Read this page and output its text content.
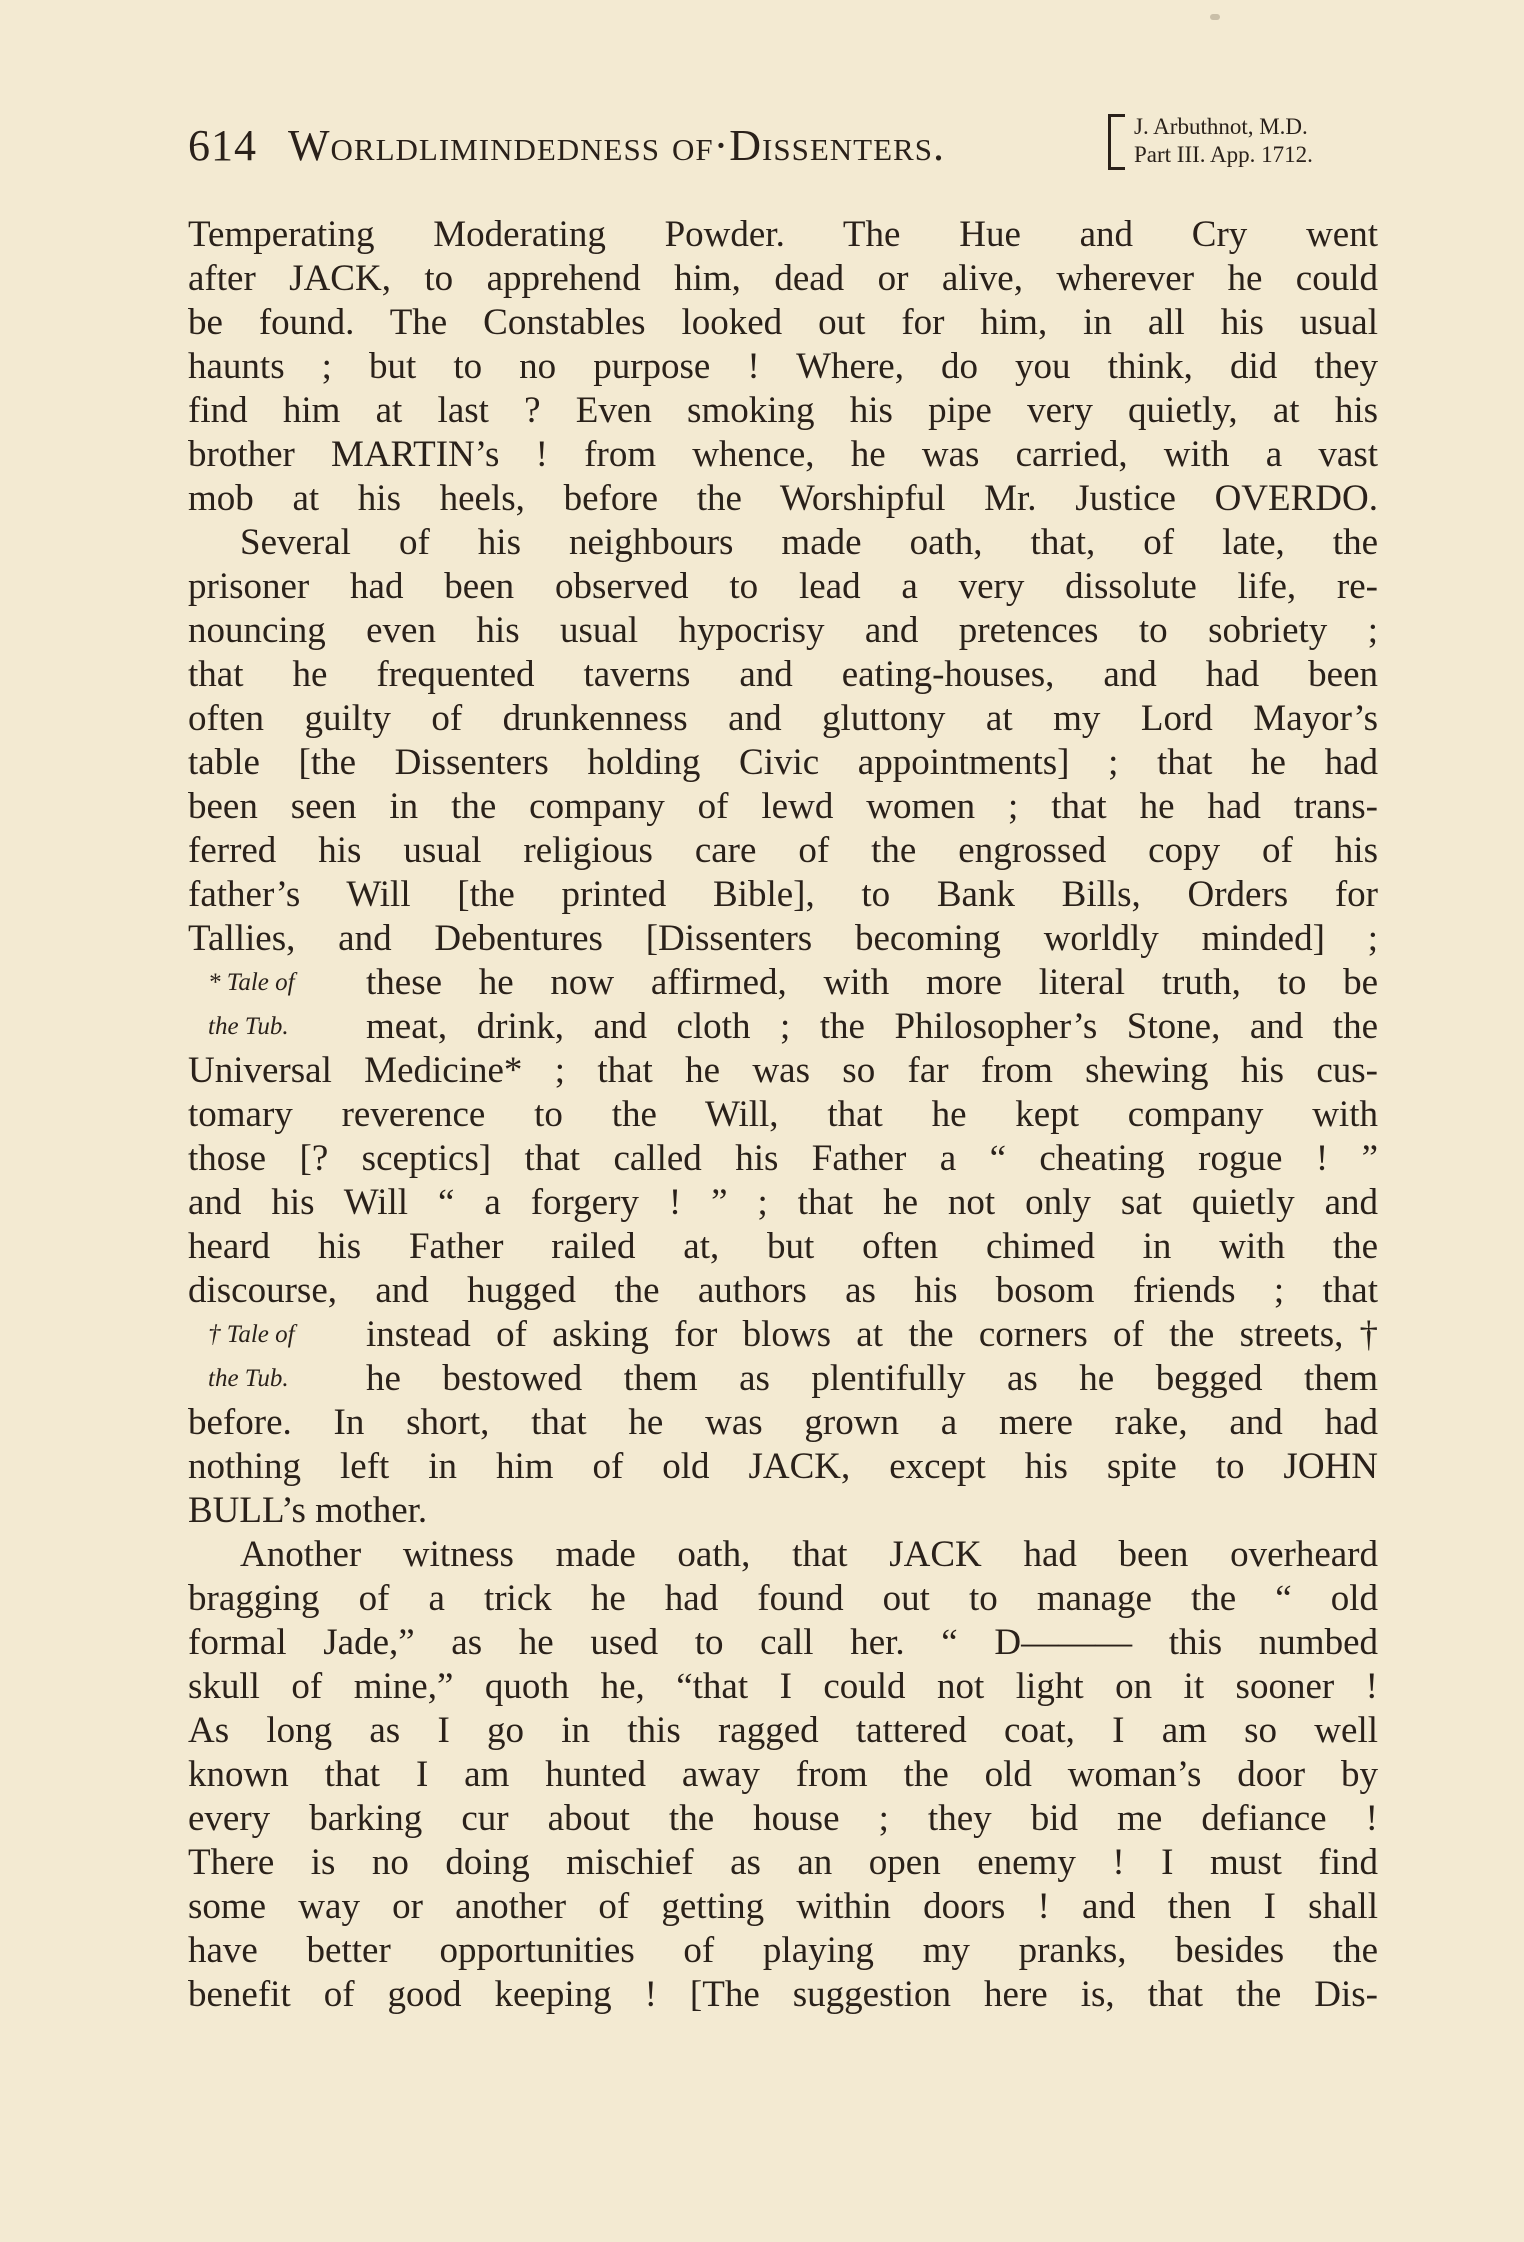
614 Worldlimindedness of·Dissenters.	J. Arbuthnot, M.D.
Part III. App. 1712.
Temperating Moderating Powder. The Hue and Cry went
after JACK, to apprehend him, dead or alive, wherever he could
be found. The Constables looked out for him, in all his usual
haunts ; but to no purpose ! Where, do you think, did they
find him at last ? Even smoking his pipe very quietly, at his
brother MARTIN’s ! from whence, he was carried, with a vast
mob at his heels, before the Worshipful Mr. Justice OVERDO.
Several of his neighbours made oath, that, of late, the
prisoner had been observed to lead a very dissolute life, re-
nouncing even his usual hypocrisy and pretences to sobriety ;
that he frequented taverns and eating-houses, and had been
often guilty of drunkenness and gluttony at my Lord Mayor’s
table [the Dissenters holding Civic appointments] ; that he had
been seen in the company of lewd women ; that he had trans-
ferred his usual religious care of the engrossed copy of his
father’s Will [the printed Bible], to Bank Bills, Orders for
Tallies, and Debentures [Dissenters becoming worldly minded] ;
* Tale of	these he now affirmed, with more literal truth, to be
the Tub.	meat, drink, and cloth ; the Philosopher’s Stone, and the
Universal Medicine* ; that he was so far from shewing his cus-
tomary reverence to the Will, that he kept company with
those [? sceptics] that called his Father a “ cheating rogue ! ”
and his Will “ a forgery ! ” ; that he not only sat quietly and
heard his Father railed at, but often chimed in with the
discourse, and hugged the authors as his bosom friends ; that
† Tale of	instead of asking for blows at the corners of the streets,†
the Tub.	he bestowed them as plentifully as he begged them
before. In short, that he was grown a mere rake, and had
nothing left in him of old JACK, except his spite to JOHN
BULL’s mother.
Another witness made oath, that JACK had been overheard
bragging of a trick he had found out to manage the “ old
formal Jade,” as he used to call her. “ D——— this numbed
skull of mine,” quoth he, “that I could not light on it sooner !
As long as I go in this ragged tattered coat, I am so well
known that I am hunted away from the old woman’s door by
every barking cur about the house ; they bid me defiance !
There is no doing mischief as an open enemy ! I must find
some way or another of getting within doors ! and then I shall
have better opportunities of playing my pranks, besides the
benefit of good keeping ! [The suggestion here is, that the Dis-
